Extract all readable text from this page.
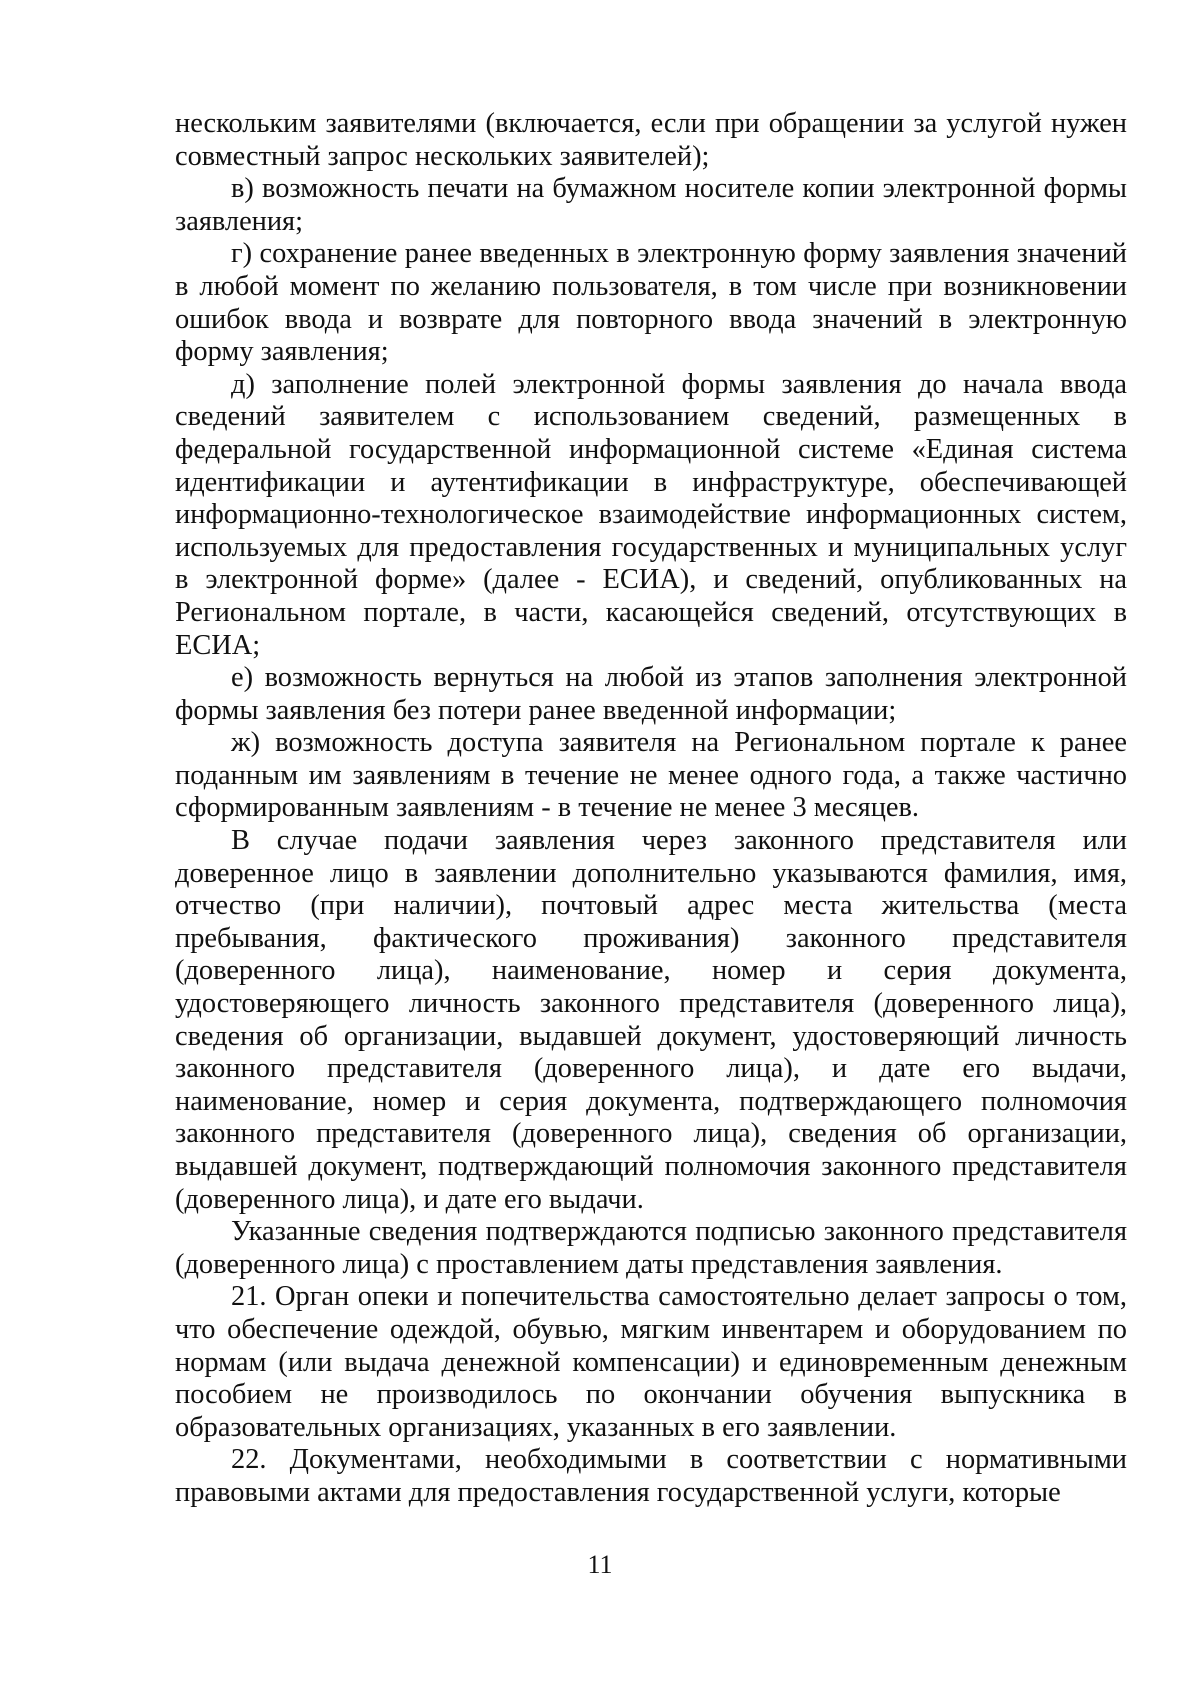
нескольким заявителями (включается, если при обращении за услугой нужен совместный запрос нескольких заявителей);

в) возможность печати на бумажном носителе копии электронной формы заявления;

г) сохранение ранее введенных в электронную форму заявления значений в любой момент по желанию пользователя, в том числе при возникновении ошибок ввода и возврате для повторного ввода значений в электронную форму заявления;

д) заполнение полей электронной формы заявления до начала ввода сведений заявителем с использованием сведений, размещенных в федеральной государственной информационной системе «Единая система идентификации и аутентификации в инфраструктуре, обеспечивающей информационно-технологическое взаимодействие информационных систем, используемых для предоставления государственных и муниципальных услуг в электронной форме» (далее - ЕСИА), и сведений, опубликованных на Региональном портале, в части, касающейся сведений, отсутствующих в ЕСИА;

е) возможность вернуться на любой из этапов заполнения электронной формы заявления без потери ранее введенной информации;

ж) возможность доступа заявителя на Региональном портале к ранее поданным им заявлениям в течение не менее одного года, а также частично сформированным заявлениям - в течение не менее 3 месяцев.

В случае подачи заявления через законного представителя или доверенное лицо в заявлении дополнительно указываются фамилия, имя, отчество (при наличии), почтовый адрес места жительства (места пребывания, фактического проживания) законного представителя (доверенного лица), наименование, номер и серия документа, удостоверяющего личность законного представителя (доверенного лица), сведения об организации, выдавшей документ, удостоверяющий личность законного представителя (доверенного лица), и дате его выдачи, наименование, номер и серия документа, подтверждающего полномочия законного представителя (доверенного лица), сведения об организации, выдавшей документ, подтверждающий полномочия законного представителя (доверенного лица), и дате его выдачи.

Указанные сведения подтверждаются подписью законного представителя (доверенного лица) с проставлением даты представления заявления.

21. Орган опеки и попечительства самостоятельно делает запросы о том, что обеспечение одеждой, обувью, мягким инвентарем и оборудованием по нормам (или выдача денежной компенсации) и единовременным денежным пособием не производилось по окончании обучения выпускника в образовательных организациях, указанных в его заявлении.

22. Документами, необходимыми в соответствии с нормативными правовыми актами для предоставления государственной услуги, которые

11
